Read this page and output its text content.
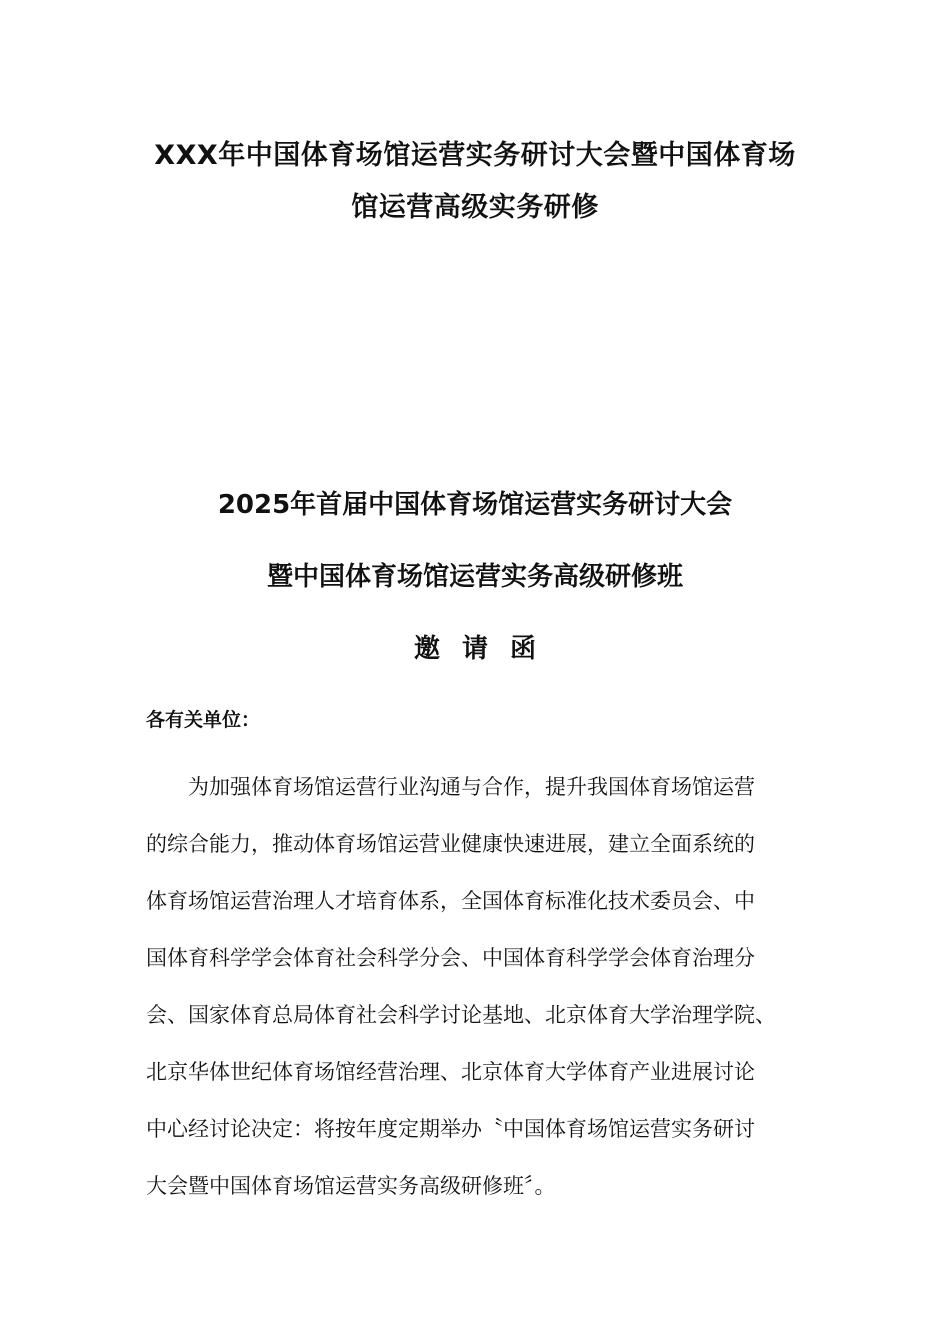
XXX年中国体育场馆运营实务研讨大会暨中国体育场
馆运营高级实务研修
2025年首届中国体育场馆运营实务研讨大会
暨中国体育场馆运营实务高级研修班
邀请函

各有关单位：

为加强体育场馆运营行业沟通与合作，提升我国体育场馆运营

的综合能力，推动体育场馆运营业健康快速进展，建立全面系统的

体育场馆运营治理人才培育体系，全国体育标准化技术委员会、中

国体育科学学会体育社会科学分会、中国体育科学学会体育治理分

会、国家体育总局体育社会科学讨论基地、北京体育大学治理学院、

北京华体世纪体育场馆经营治理、北京体育大学体育产业进展讨论

中心经讨论决定：将按年度定期举办〝中国体育场馆运营实务研讨

大会暨中国体育场馆运营实务高级研修班〞。
